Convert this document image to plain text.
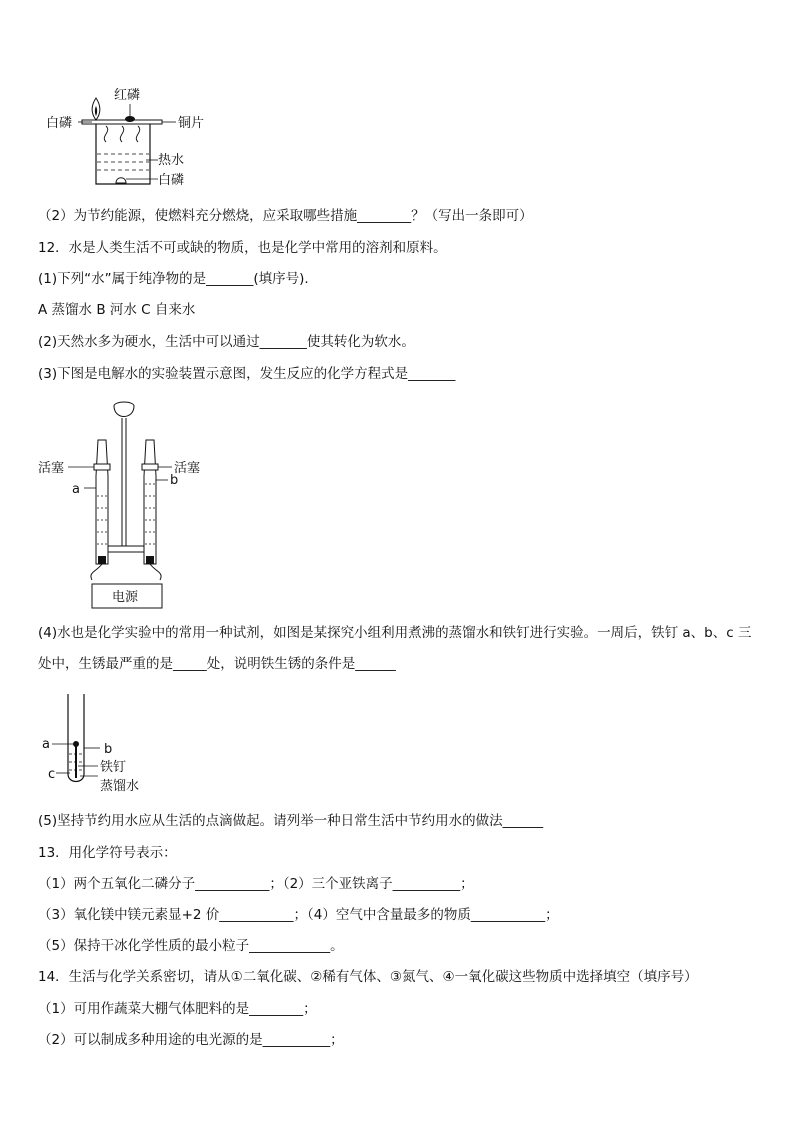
红磷
白磷	铜片
热水
白磷
（2）为节约能源，使燃料充分燃烧，应采取哪些措施________？（写出一条即可）
12．水是人类生活不可或缺的物质，也是化学中常用的溶剂和原料。
(1)下列“水”属于纯净物的是_______(填序号).
A 蒸馏水 B 河水 C 自来水
(2)天然水多为硬水，生活中可以通过_______使其转化为软水。
(3)下图是电解水的实验装置示意图，发生反应的化学方程式是_______
电源
活塞	活塞
a
b
(4)水也是化学实验中的常用一种试剂，如图是某探究小组利用煮沸的蒸馏水和铁钉进行实验。一周后，铁钉 a、b、c 三处中，生锈最严重的是_____处，说明铁生锈的条件是______
a	b
c	铁钉
蒸馏水
(5)坚持节约用水应从生活的点滴做起。请列举一种日常生活中节约用水的做法______
13．用化学符号表示：
（1）两个五氧化二磷分子___________；（2）三个亚铁离子__________；
（3）氧化镁中镁元素显+2 价___________；（4）空气中含量最多的物质___________；
（5）保持干冰化学性质的最小粒子____________。
14．生活与化学关系密切，请从①二氧化碳、②稀有气体、③氮气、④一氧化碳这些物质中选择填空（填序号）
（1）可用作蔬菜大棚气体肥料的是________；
（2）可以制成多种用途的电光源的是__________；
